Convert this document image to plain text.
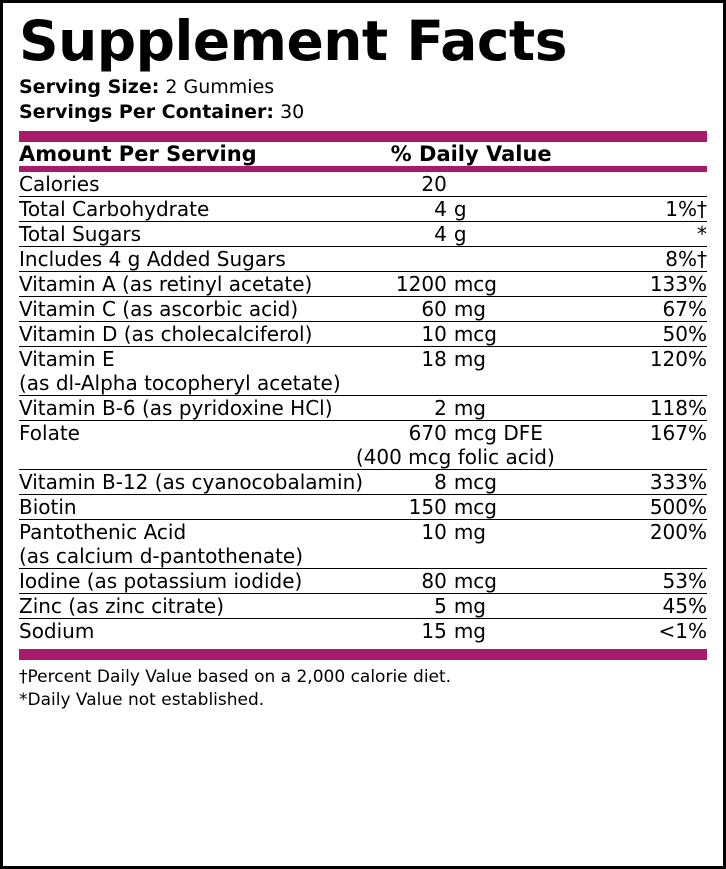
Supplement Facts
Serving Size: 2 Gummies
Servings Per Container: 30
Amount Per Serving	% Daily Value	
Calories	20		

Total Carbohydrate	4	g	1%†

Total Sugars	4	g	*

Includes 4 g Added Sugars			8%†

Vitamin A (as retinyl acetate)	1200	mcg	133%

Vitamin C (as ascorbic acid)	60	mg	67%

Vitamin D (as cholecalciferol)	10	mcg	50%

Vitamin E	18	mg	120%
(as dl-Alpha tocopheryl acetate)			

Vitamin B-6 (as pyridoxine HCl)	2	mg	118%

Folate	670	mcg DFE	167%
	(400 mcg folic acid)		

Vitamin B-12 (as cyanocobalamin)	8	mcg	333%

Biotin	150	mcg	500%

Pantothenic Acid	10	mg	200%
(as calcium d-pantothenate)			

Iodine (as potassium iodide)	80	mcg	53%

Zinc (as zinc citrate)	5	mg	45%

Sodium	15	mg	<1%
†Percent Daily Value based on a 2,000 calorie diet.
*Daily Value not established.
